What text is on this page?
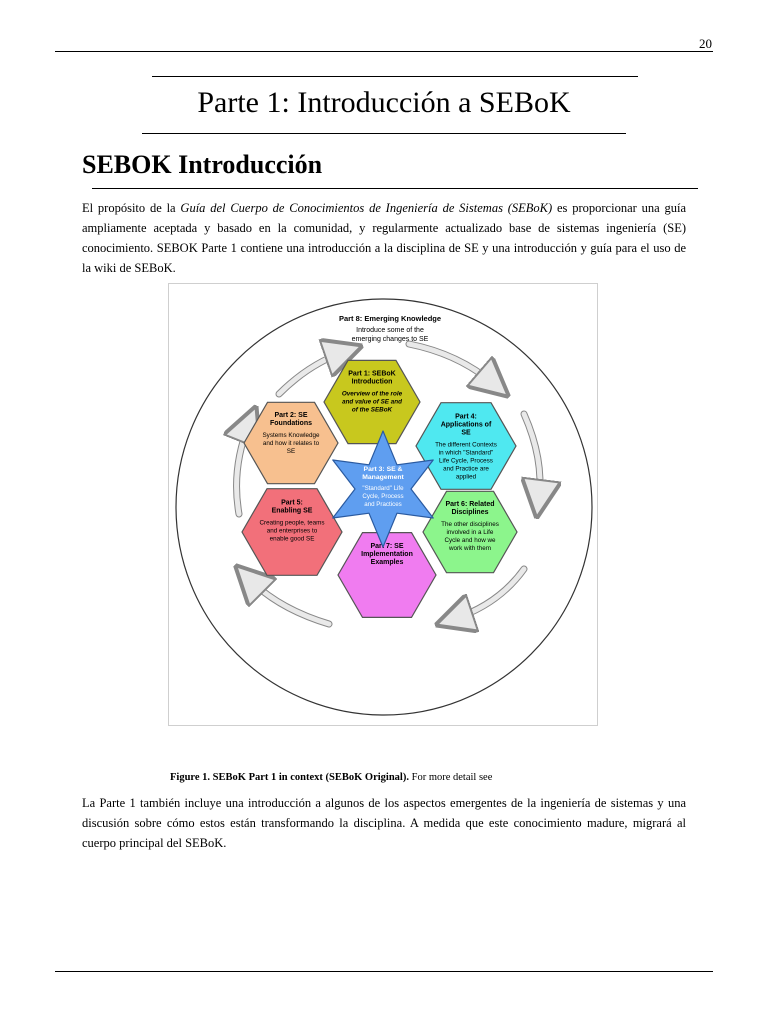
20
Parte 1: Introducción a SEBoK
SEBOK Introducción
El propósito de la Guía del Cuerpo de Conocimientos de Ingeniería de Sistemas (SEBoK) es proporcionar una guía ampliamente aceptada y basado en la comunidad, y regularmente actualizado base de sistemas ingeniería (SE) conocimiento. SEBOK Parte 1 contiene una introducción a la disciplina de SE y una introducción y guía para el uso de la wiki de SEBoK.
Part 8: Emerging Knowledge
Introduce some of the
emerging changes to SE
Part 1: SEBoK
Introduction
Overview of the role
and value of SE and
of the SEBoK
Part 2: SE
Foundations
Systems Knowledge
and how it relates to
SE
Part 4:
Applications of
SE
The different Contexts
in which "Standard"
Life Cycle, Process
and Practice are
applied
Part 5:
Enabling SE
Creating people, teams
and enterprises to
enable good SE
Part 6: Related
Disciplines
The other disciplines
involved in a Life
Cycle and how we
work with them
Part 7: SE
Implementation
Examples
Part 3: SE &
Management
"Standard" Life
Cycle, Process
and Practices
Figure 1. SEBoK Part 1 in context (SEBoK Original). For more detail see
La Parte 1 también incluye una introducción a algunos de los aspectos emergentes de la ingeniería de sistemas y una discusión sobre cómo estos están transformando la disciplina. A medida que este conocimiento madure, migrará al cuerpo principal del SEBoK.
